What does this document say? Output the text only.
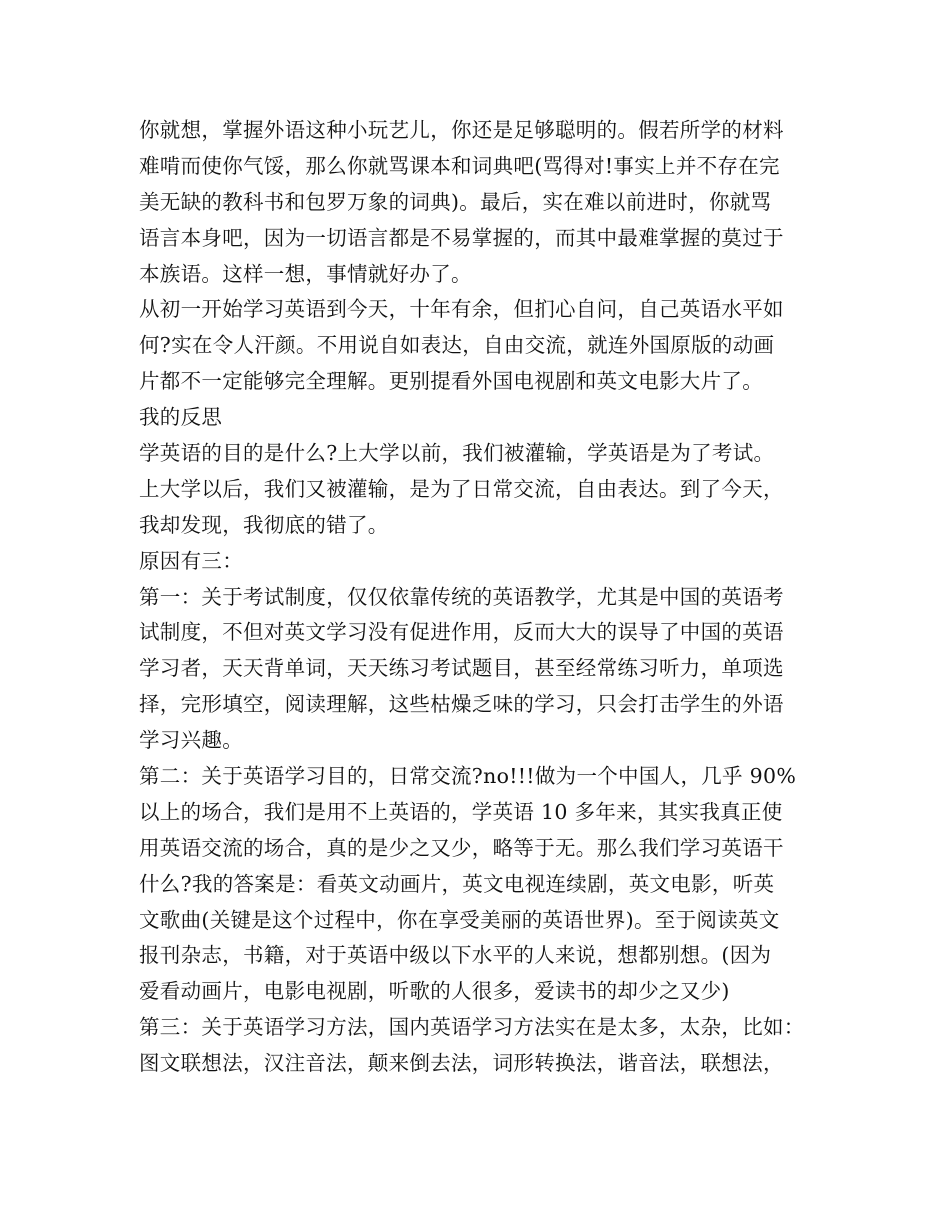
你就想，掌握外语这种小玩艺儿，你还是足够聪明的。假若所学的材料
难啃而使你气馁，那么你就骂课本和词典吧(骂得对!事实上并不存在完
美无缺的教科书和包罗万象的词典)。最后，实在难以前进时，你就骂
语言本身吧，因为一切语言都是不易掌握的，而其中最难掌握的莫过于
本族语。这样一想，事情就好办了。
从初一开始学习英语到今天，十年有余，但扪心自问，自己英语水平如
何?实在令人汗颜。不用说自如表达，自由交流，就连外国原版的动画
片都不一定能够完全理解。更别提看外国电视剧和英文电影大片了。
我的反思
学英语的目的是什么?上大学以前，我们被灌输，学英语是为了考试。
上大学以后，我们又被灌输，是为了日常交流，自由表达。到了今天，
我却发现，我彻底的错了。
原因有三：
第一：关于考试制度，仅仅依靠传统的英语教学，尤其是中国的英语考
试制度，不但对英文学习没有促进作用，反而大大的误导了中国的英语
学习者，天天背单词，天天练习考试题目，甚至经常练习听力，单项选
择，完形填空，阅读理解，这些枯燥乏味的学习，只会打击学生的外语
学习兴趣。
第二：关于英语学习目的，日常交流?no!!!做为一个中国人，几乎 90%
以上的场合，我们是用不上英语的，学英语 10 多年来，其实我真正使
用英语交流的场合，真的是少之又少，略等于无。那么我们学习英语干
什么?我的答案是：看英文动画片，英文电视连续剧，英文电影，听英
文歌曲(关键是这个过程中，你在享受美丽的英语世界)。至于阅读英文
报刊杂志，书籍，对于英语中级以下水平的人来说，想都别想。(因为
爱看动画片，电影电视剧，听歌的人很多，爱读书的却少之又少)
第三：关于英语学习方法，国内英语学习方法实在是太多，太杂，比如：
图文联想法，汉注音法，颠来倒去法，词形转换法，谐音法，联想法，
